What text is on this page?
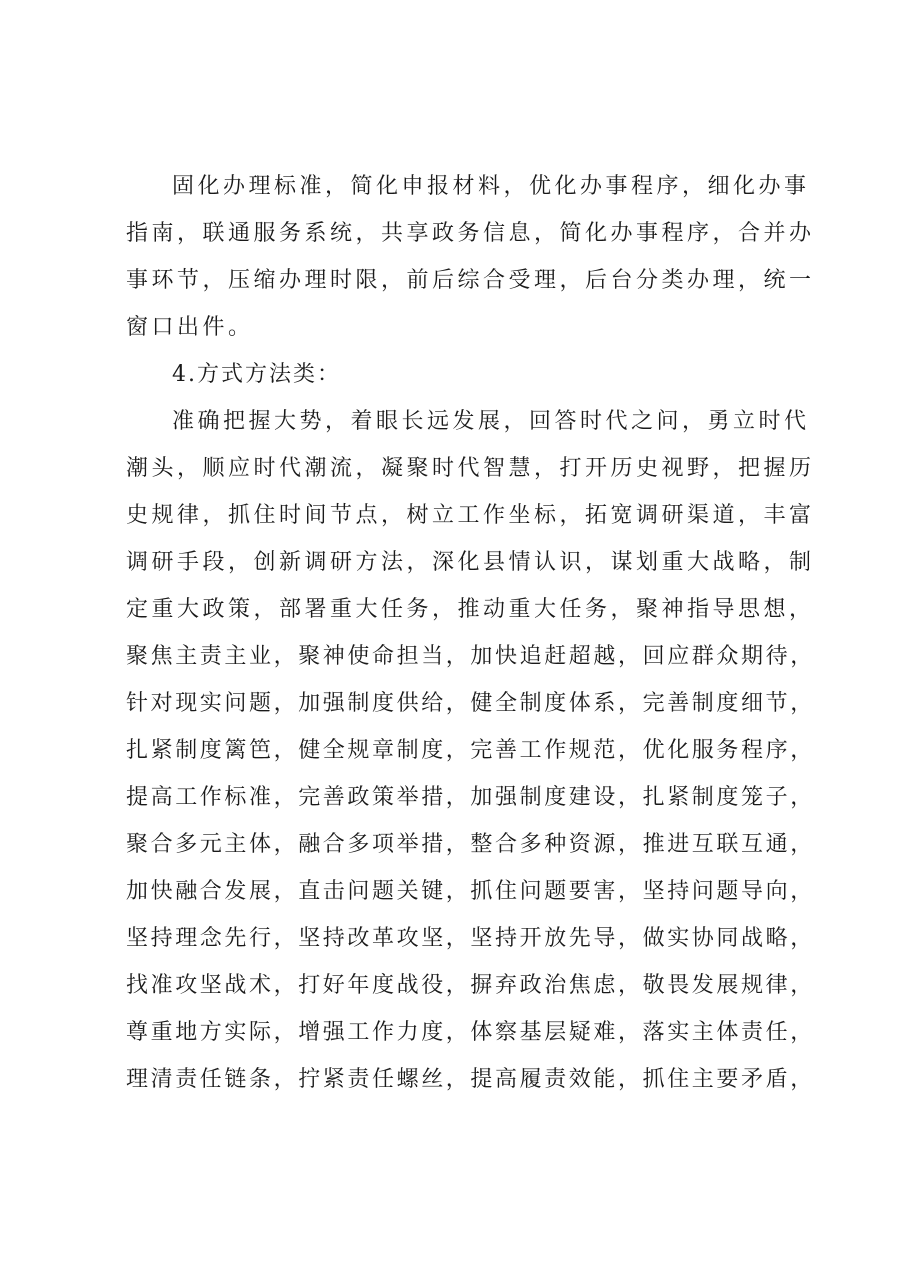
固化办理标准，简化申报材料，优化办事程序，细化办事
指南，联通服务系统，共享政务信息，简化办事程序，合并办
事环节，压缩办理时限，前后综合受理，后台分类办理，统一
窗口出件。
4.方式方法类：
准确把握大势，着眼长远发展，回答时代之问，勇立时代
潮头，顺应时代潮流，凝聚时代智慧，打开历史视野，把握历
史规律，抓住时间节点，树立工作坐标，拓宽调研渠道，丰富
调研手段，创新调研方法，深化县情认识，谋划重大战略，制
定重大政策，部署重大任务，推动重大任务，聚神指导思想，
聚焦主责主业，聚神使命担当，加快追赶超越，回应群众期待，
针对现实问题，加强制度供给，健全制度体系，完善制度细节，
扎紧制度篱笆，健全规章制度，完善工作规范，优化服务程序，
提高工作标准，完善政策举措，加强制度建设，扎紧制度笼子，
聚合多元主体，融合多项举措，整合多种资源，推进互联互通，
加快融合发展，直击问题关键，抓住问题要害，坚持问题导向，
坚持理念先行，坚持改革攻坚，坚持开放先导，做实协同战略，
找准攻坚战术，打好年度战役，摒弃政治焦虑，敬畏发展规律，
尊重地方实际，增强工作力度，体察基层疑难，落实主体责任，
理清责任链条，拧紧责任螺丝，提高履责效能，抓住主要矛盾，
